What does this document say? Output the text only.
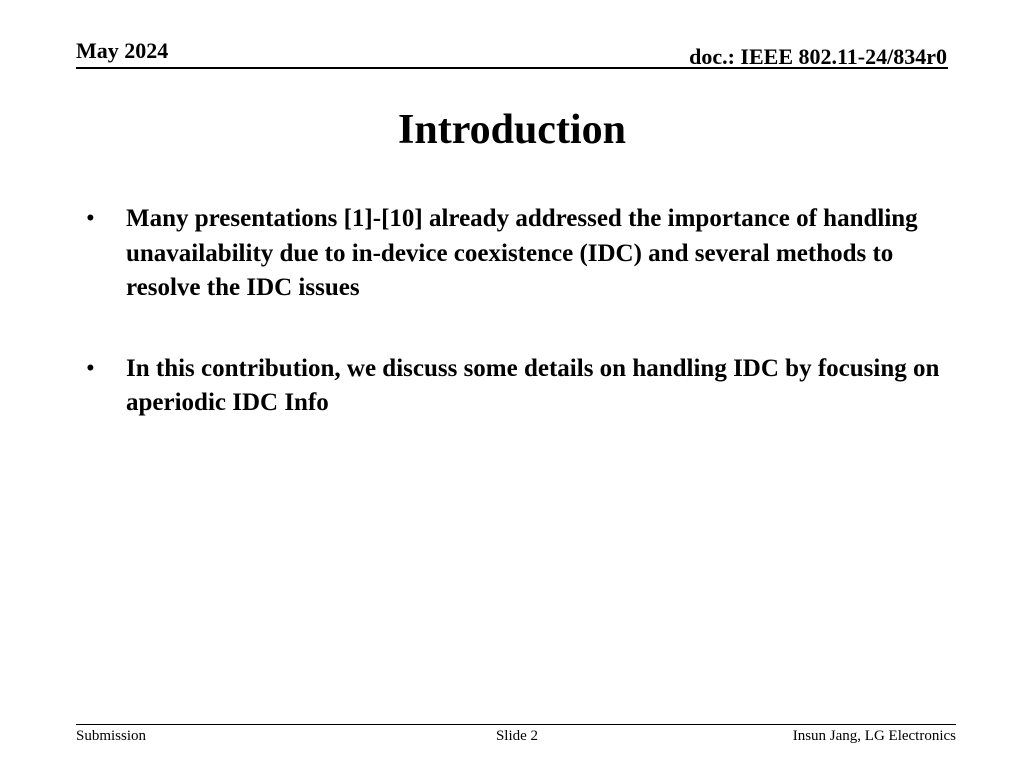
May 2024	doc.: IEEE 802.11-24/834r0
Introduction
• Many presentations [1]-[10] already addressed the importance of handling unavailability due to in-device coexistence (IDC) and several methods to resolve the IDC issues
• In this contribution, we discuss some details on handling IDC by focusing on aperiodic IDC Info
Submission	Slide 2	Insun Jang, LG Electronics
